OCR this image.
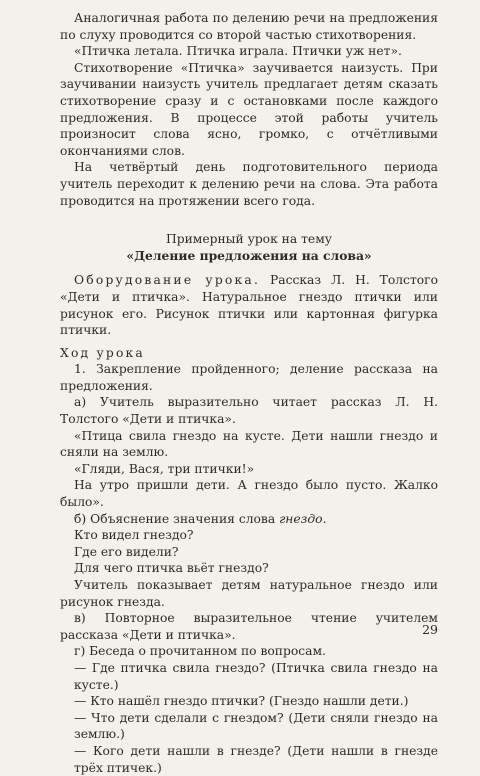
Аналогичная работа по делению речи на предложения по слуху проводится со второй частью стихотворения.

«Птичка летала. Птичка играла. Птички уж нет».

Стихотворение «Птичка» заучивается наизусть. При заучивании наизусть учитель предлагает детям сказать стихотворение сразу и с остановками после каждого предложения. В процессе этой работы учитель произносит слова ясно, громко, с отчётливыми окончаниями слов.

На четвёртый день подготовительного периода учитель переходит к делению речи на слова. Эта работа проводится на протяжении всего года.

Примерный урок на тему

«Деление предложения на слова»

Оборудование урока. Рассказ Л. Н. Толстого «Дети и птичка». Натуральное гнездо птички или рисунок его. Рисунок птички или картонная фигурка птички.

Ход урока

1. Закрепление пройденного; деление рассказа на предложения.

а) Учитель выразительно читает рассказ Л. Н. Толстого «Дети и птичка».

«Птица свила гнездо на кусте. Дети нашли гнездо и сняли на землю.

«Гляди, Вася, три птички!»

На утро пришли дети. А гнездо было пусто. Жалко было».

б) Объяснение значения слова гнездо.

Кто видел гнездо?

Где его видели?

Для чего птичка вьёт гнездо?

Учитель показывает детям натуральное гнездо или рисунок гнезда.

в) Повторное выразительное чтение учителем рассказа «Дети и птичка».

г) Беседа о прочитанном по вопросам.

— Где птичка свила гнездо? (Птичка свила гнездо на кусте.)

— Кто нашёл гнездо птички? (Гнездо нашли дети.)

— Что дети сделали с гнездом? (Дети сняли гнездо на землю.)

— Кого дети нашли в гнезде? (Дети нашли в гнезде трёх птичек.)

29
